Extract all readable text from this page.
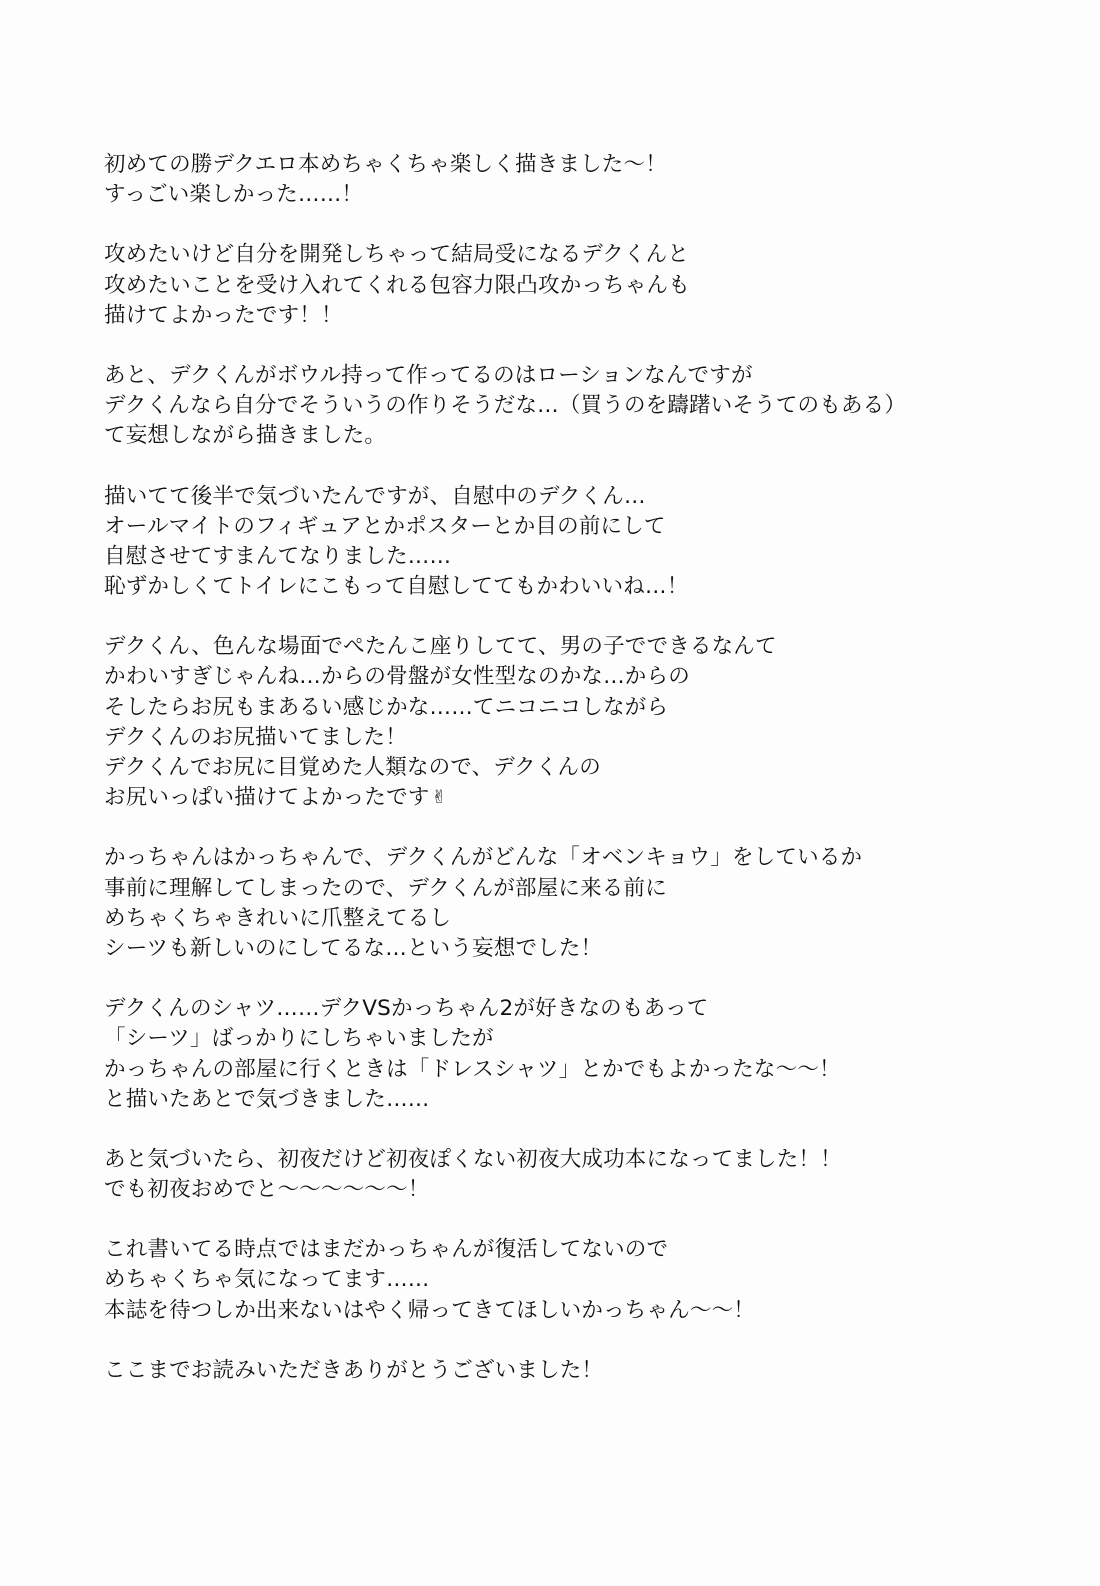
初めての勝デクエロ本めちゃくちゃ楽しく描きました～！
すっごい楽しかった……！
攻めたいけど自分を開発しちゃって結局受になるデクくんと
攻めたいことを受け入れてくれる包容力限凸攻かっちゃんも
描けてよかったです！！
あと、デクくんがボウル持って作ってるのはローションなんですが
デクくんなら自分でそういうの作りそうだな…（買うのを躊躇いそうてのもある）
て妄想しながら描きました。
描いてて後半で気づいたんですが、自慰中のデクくん…
オールマイトのフィギュアとかポスターとか目の前にして
自慰させてすまんてなりました……
恥ずかしくてトイレにこもって自慰しててもかわいいね…！
デクくん、色んな場面でぺたんこ座りしてて、男の子でできるなんて
かわいすぎじゃんね…からの骨盤が女性型なのかな…からの
そしたらお尻もまあるい感じかな……てニコニコしながら
デクくんのお尻描いてました！
デクくんでお尻に目覚めた人類なので、デクくんの
お尻いっぱい描けてよかったです ✌
かっちゃんはかっちゃんで、デクくんがどんな「オベンキョウ」をしているか
事前に理解してしまったので、デクくんが部屋に来る前に
めちゃくちゃきれいに爪整えてるし
シーツも新しいのにしてるな…という妄想でした！
デクくんのシャツ……デクVSかっちゃん2が好きなのもあって
「シーツ」ばっかりにしちゃいましたが
かっちゃんの部屋に行くときは「ドレスシャツ」とかでもよかったな～～！
と描いたあとで気づきました……
あと気づいたら、初夜だけど初夜ぽくない初夜大成功本になってました！！
でも初夜おめでと～～～～～～！
これ書いてる時点ではまだかっちゃんが復活してないので
めちゃくちゃ気になってます……
本誌を待つしか出来ないはやく帰ってきてほしいかっちゃん～～！
ここまでお読みいただきありがとうございました！
